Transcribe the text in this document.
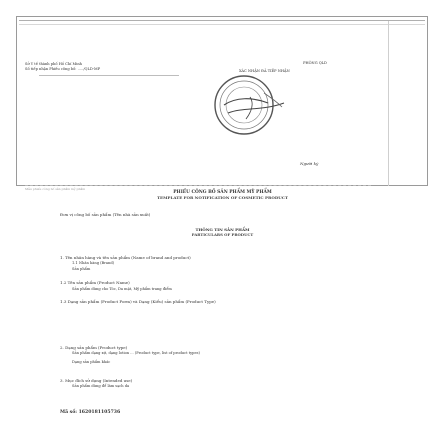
Sở Y tế thành phố Hồ Chí Minh
Số tiếp nhận Phiếu công bố: ...../QLD-MP
PHÒNG QLD
XÁC NHẬN ĐÃ TIẾP NHẬN
Người ký
Mẫu phiếu công bố sản phẩm mỹ phẩm
PHIẾU CÔNG BỐ SẢN PHẨM MỸ PHẨM
TEMPLATE FOR NOTIFICATION OF COSMETIC PRODUCT
Đơn vị công bố sản phẩm (Tên nhà sản xuất)
THÔNG TIN SẢN PHẨM
PARTICULARS OF PRODUCT
1. Tên nhãn hàng và tên sản phẩm (Name of brand and product)
1.1 Nhãn hàng (Brand)
Sản phẩm
1.2 Tên sản phẩm (Product Name)
Sản phẩm dùng cho Tóc, Da mặt, Mỹ phẩm trang điểm
1.3 Dạng sản phẩm (Product Form) và Dạng (Kiểu) sản phẩm (Product Type)
2. Dạng sản phẩm (Product type)
Sản phẩm dạng xịt, dạng lotion ... (Product type, list of product types)
Dạng sản phẩm khác
3. Mục đích sử dụng (Intended use)
Sản phẩm dùng để làm sạch da
Mã số: 1620181105736
